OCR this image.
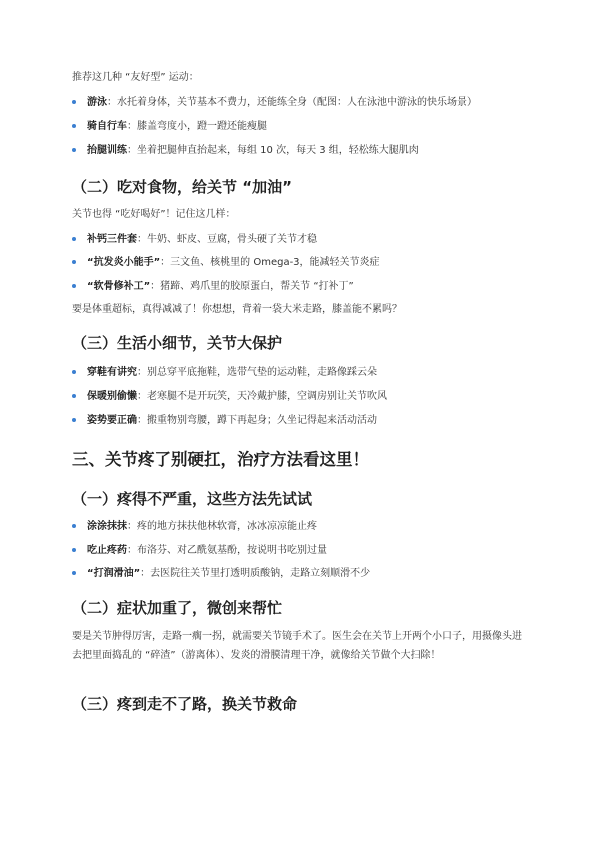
推荐这几种 “友好型” 运动：
游泳：水托着身体，关节基本不费力，还能练全身（配图：人在泳池中游泳的快乐场景）
骑自行车：膝盖弯度小，蹬一蹬还能瘦腿
抬腿训练：坐着把腿伸直抬起来，每组 10 次，每天 3 组，轻松练大腿肌肉
（二）吃对食物，给关节 “加油”
关节也得 “吃好喝好”！记住这几样：
补钙三件套：牛奶、虾皮、豆腐，骨头硬了关节才稳
“抗发炎小能手”：三文鱼、核桃里的 Omega-3，能减轻关节炎症
“软骨修补工”：猪蹄、鸡爪里的胶原蛋白，帮关节 “打补丁”
要是体重超标，真得减减了！你想想，背着一袋大米走路，膝盖能不累吗？
（三）生活小细节，关节大保护
穿鞋有讲究：别总穿平底拖鞋，选带气垫的运动鞋，走路像踩云朵
保暖别偷懒：老寒腿不是开玩笑，天冷戴护膝，空调房别让关节吹风
姿势要正确：搬重物别弯腰，蹲下再起身；久坐记得起来活动活动
三、关节疼了别硬扛，治疗方法看这里！
（一）疼得不严重，这些方法先试试
涂涂抹抹：疼的地方抹扶他林软膏，冰冰凉凉能止疼
吃止疼药：布洛芬、对乙酰氨基酚，按说明书吃别过量
“打润滑油”：去医院往关节里打透明质酸钠，走路立刻顺滑不少
（二）症状加重了，微创来帮忙
要是关节肿得厉害，走路一瘸一拐，就需要关节镜手术了。医生会在关节上开两个小口子，用摄像头进去把里面捣乱的 “碎渣”（游离体）、发炎的滑膜清理干净，就像给关节做个大扫除！
（三）疼到走不了路，换关节救命
